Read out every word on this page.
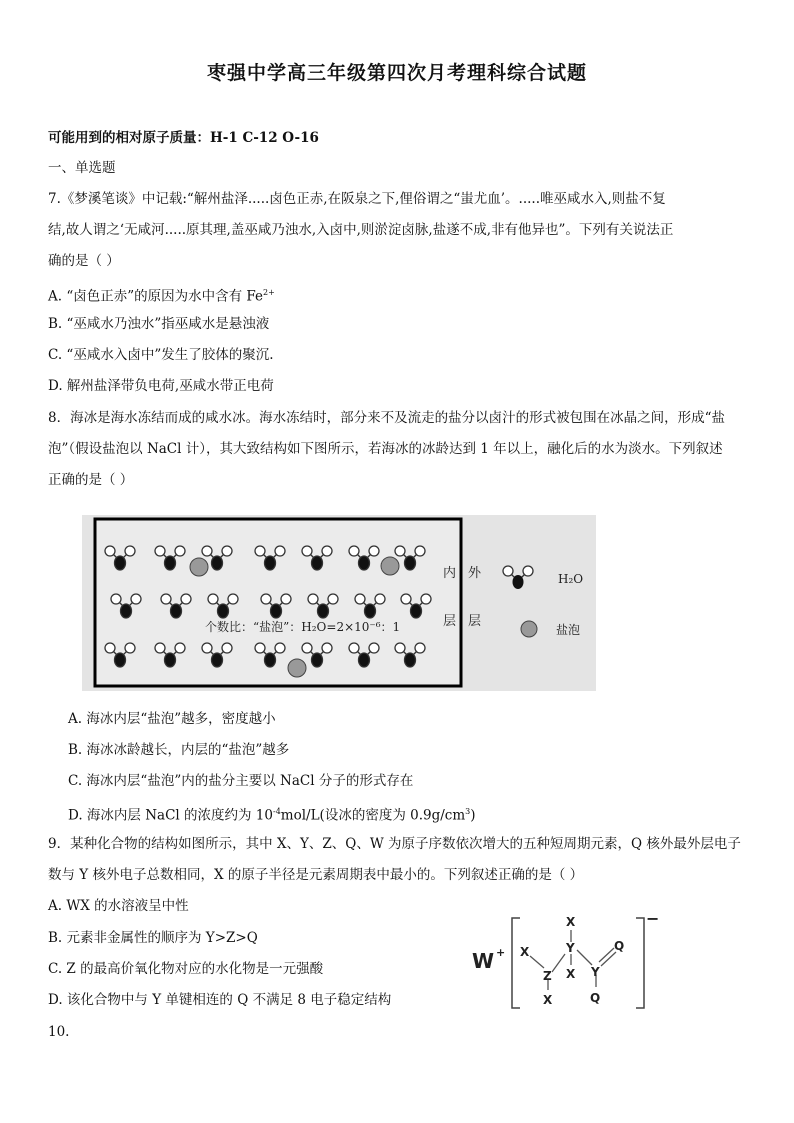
枣强中学高三年级第四次月考理科综合试题
可能用到的相对原子质量：H-1 C-12 O-16
一、单选题
7.《梦溪笔谈》中记载:“解州盐泽.....卤色正赤,在阪泉之下,俚俗谓之“蚩尤血’。.....唯巫咸水入,则盐不复
结,故人谓之‘无咸河.....原其理,盖巫咸乃浊水,入卤中,则淤淀卤脉,盐遂不成,非有他异也”。下列有关说法正
确的是（ ）
A. “卤色正赤”的原因为水中含有 $Fe^{2+}$
B. “巫咸水乃浊水”指巫咸水是悬浊液
C. “巫咸水入卤中”发生了胶体的聚沉.
D. 解州盐泽带负电荷,巫咸水带正电荷
8．海冰是海水冻结而成的咸水冰。海水冻结时，部分来不及流走的盐分以卤汁的形式被包围在冰晶之间，形成“盐
泡”（假设盐泡以 NaCl 计），其大致结构如下图所示，若海冰的冰龄达到 1 年以上，融化后的水为淡水。下列叙述
正确的是（ ）
个数比：“盐泡”：H₂O=2×10⁻⁶：1
内
层
外
层
H₂O
盐泡
A. 海冰内层“盐泡”越多，密度越小
B. 海冰冰龄越长，内层的“盐泡”越多
C. 海冰内层“盐泡”内的盐分主要以 NaCl 分子的形式存在
D. 海冰内层 NaCl 的浓度约为 $10^{-4}mol/L$(设冰的密度为 $0.9g/cm^3$)
9．某种化合物的结构如图所示，其中 X、Y、Z、Q、W 为原子序数依次增大的五种短周期元素，Q 核外最外层电子
数与 Y 核外电子总数相同，X 的原子半径是元素周期表中最小的。下列叙述正确的是（ ）
A. WX 的水溶液呈中性
B. 元素非金属性的顺序为 Y>Z>Q
C. Z 的最高价氧化物对应的水化物是一元强酸
D. 该化合物中与 Y 单键相连的 Q 不满足 8 电子稳定结构
W +
−
X
Y
X
Z X
X
Y
Q
Q
10.
